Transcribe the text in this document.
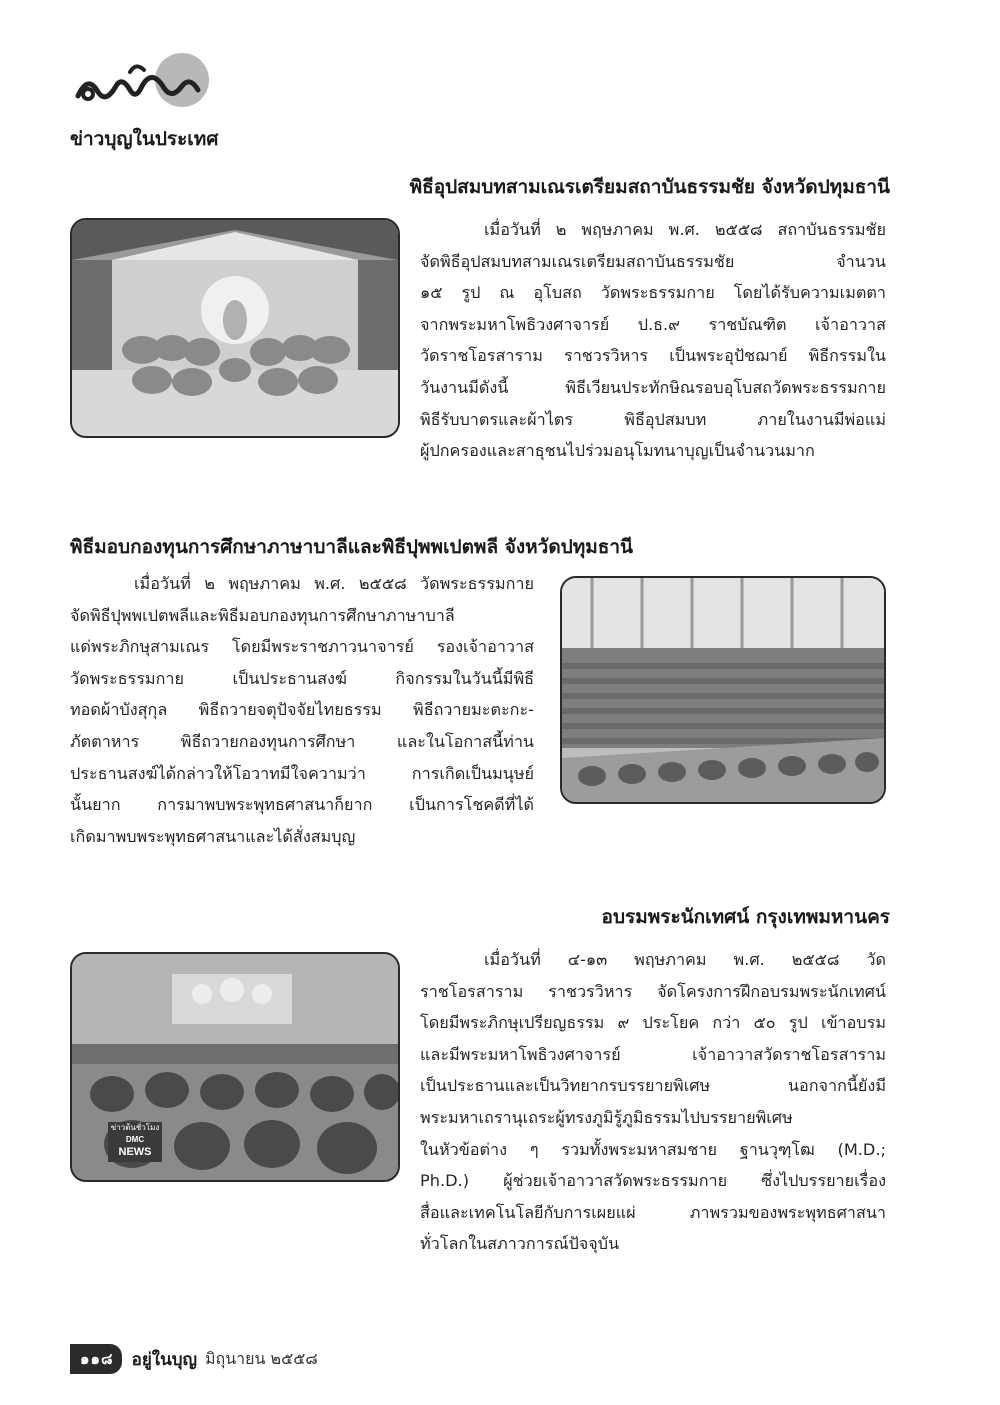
ข่าวบุญในประเทศ
พิธีอุปสมบทสามเณรเตรียมสถาบันธรรมชัย จังหวัดปทุมธานี
เมื่อวันที่ ๒ พฤษภาคม พ.ศ. ๒๕๕๘ สถาบันธรรมชัย
จัดพิธีอุปสมบทสามเณรเตรียมสถาบันธรรมชัย จำนวน
๑๕ รูป ณ อุโบสถ วัดพระธรรมกาย โดยได้รับความเมตตา
จากพระมหาโพธิวงศาจารย์ ป.ธ.๙ ราชบัณฑิต เจ้าอาวาส
วัดราชโอรสาราม ราชวรวิหาร เป็นพระอุปัชฌาย์ พิธีกรรมใน
วันงานมีดังนี้ พิธีเวียนประทักษิณรอบอุโบสถวัดพระธรรมกาย
พิธีรับบาตรและผ้าไตร พิธีอุปสมบท ภายในงานมีพ่อแม่
ผู้ปกครองและสาธุชนไปร่วมอนุโมทนาบุญเป็นจำนวนมาก
พิธีมอบกองทุนการศึกษาภาษาบาลีและพิธีปุพพเปตพลี จังหวัดปทุมธานี
เมื่อวันที่ ๒ พฤษภาคม พ.ศ. ๒๕๕๘ วัดพระธรรมกาย
จัดพิธีปุพพเปตพลีและพิธีมอบกองทุนการศึกษาภาษาบาลี
แด่พระภิกษุสามเณร โดยมีพระราชภาวนาจารย์ รองเจ้าอาวาส
วัดพระธรรมกาย เป็นประธานสงฆ์ กิจกรรมในวันนี้มีพิธี
ทอดผ้าบังสุกุล พิธีถวายจตุปัจจัยไทยธรรม พิธีถวายมะตะกะ-
ภัตตาหาร พิธีถวายกองทุนการศึกษา และในโอกาสนี้ท่าน
ประธานสงฆ์ได้กล่าวให้โอวาทมีใจความว่า การเกิดเป็นมนุษย์
นั้นยาก การมาพบพระพุทธศาสนาก็ยาก เป็นการโชคดีที่ได้
เกิดมาพบพระพุทธศาสนาและได้สั่งสมบุญ
อบรมพระนักเทศน์ กรุงเทพมหานคร
ข่าวต้นชั่วโมง
DMC
NEWS
เมื่อวันที่ ๔-๑๓ พฤษภาคม พ.ศ. ๒๕๕๘ วัด
ราชโอรสาราม ราชวรวิหาร จัดโครงการฝึกอบรมพระนักเทศน์
โดยมีพระภิกษุเปรียญธรรม ๙ ประโยค กว่า ๕๐ รูป เข้าอบรม
และมีพระมหาโพธิวงศาจารย์ เจ้าอาวาสวัดราชโอรสาราม
เป็นประธานและเป็นวิทยากรบรรยายพิเศษ นอกจากนี้ยังมี
พระมหาเถรานุเถระผู้ทรงภูมิรู้ภูมิธรรมไปบรรยายพิเศษ
ในหัวข้อต่าง ๆ รวมทั้งพระมหาสมชาย ฐานวุฑฺโฒ (M.D.;
Ph.D.) ผู้ช่วยเจ้าอาวาสวัดพระธรรมกาย ซึ่งไปบรรยายเรื่อง
สื่อและเทคโนโลยีกับการเผยแผ่ ภาพรวมของพระพุทธศาสนา
ทั่วโลกในสภาวการณ์ปัจจุบัน
๑๑๘	อยู่ในบุญ มิถุนายน ๒๕๕๘
